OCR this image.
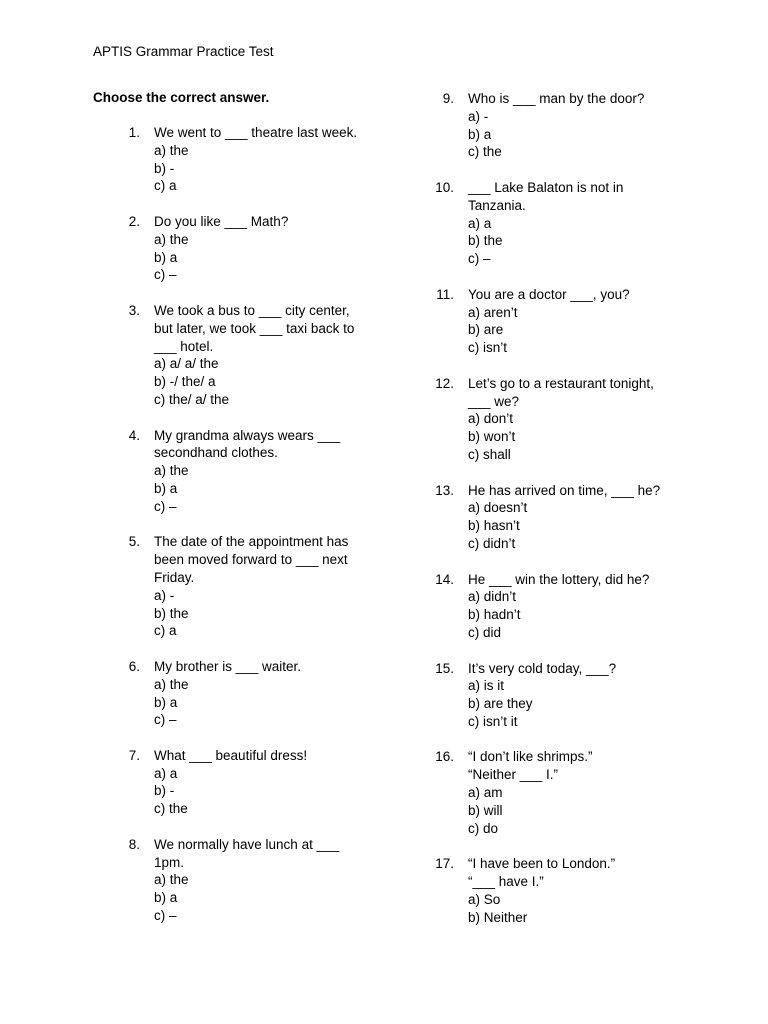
APTIS Grammar Practice Test
Choose the correct answer.
1. We went to ___ theatre last week.
a) the
b) -
c) a
2. Do you like ___ Math?
a) the
b) a
c) –
3. We took a bus to ___ city center,
but later, we took ___ taxi back to
___ hotel.
a) a/ a/ the
b) -/ the/ a
c) the/ a/ the
4. My grandma always wears ___
secondhand clothes.
a) the
b) a
c) –
5. The date of the appointment has
been moved forward to ___ next
Friday.
a) -
b) the
c) a
6. My brother is ___ waiter.
a) the
b) a
c) –
7. What ___ beautiful dress!
a) a
b) -
c) the
8. We normally have lunch at ___
1pm.
a) the
b) a
c) –
9. Who is ___ man by the door?
a) -
b) a
c) the
10. ___ Lake Balaton is not in
Tanzania.
a) a
b) the
c) –
11. You are a doctor ___, you?
a) aren’t
b) are
c) isn’t
12. Let’s go to a restaurant tonight,
___ we?
a) don’t
b) won’t
c) shall
13. He has arrived on time, ___ he?
a) doesn’t
b) hasn’t
c) didn’t
14. He ___ win the lottery, did he?
a) didn’t
b) hadn’t
c) did
15. It’s very cold today, ___?
a) is it
b) are they
c) isn’t it
16. “I don’t like shrimps.”
“Neither ___ I.”
a) am
b) will
c) do
17. “I have been to London.”
“___ have I.”
a) So
b) Neither
